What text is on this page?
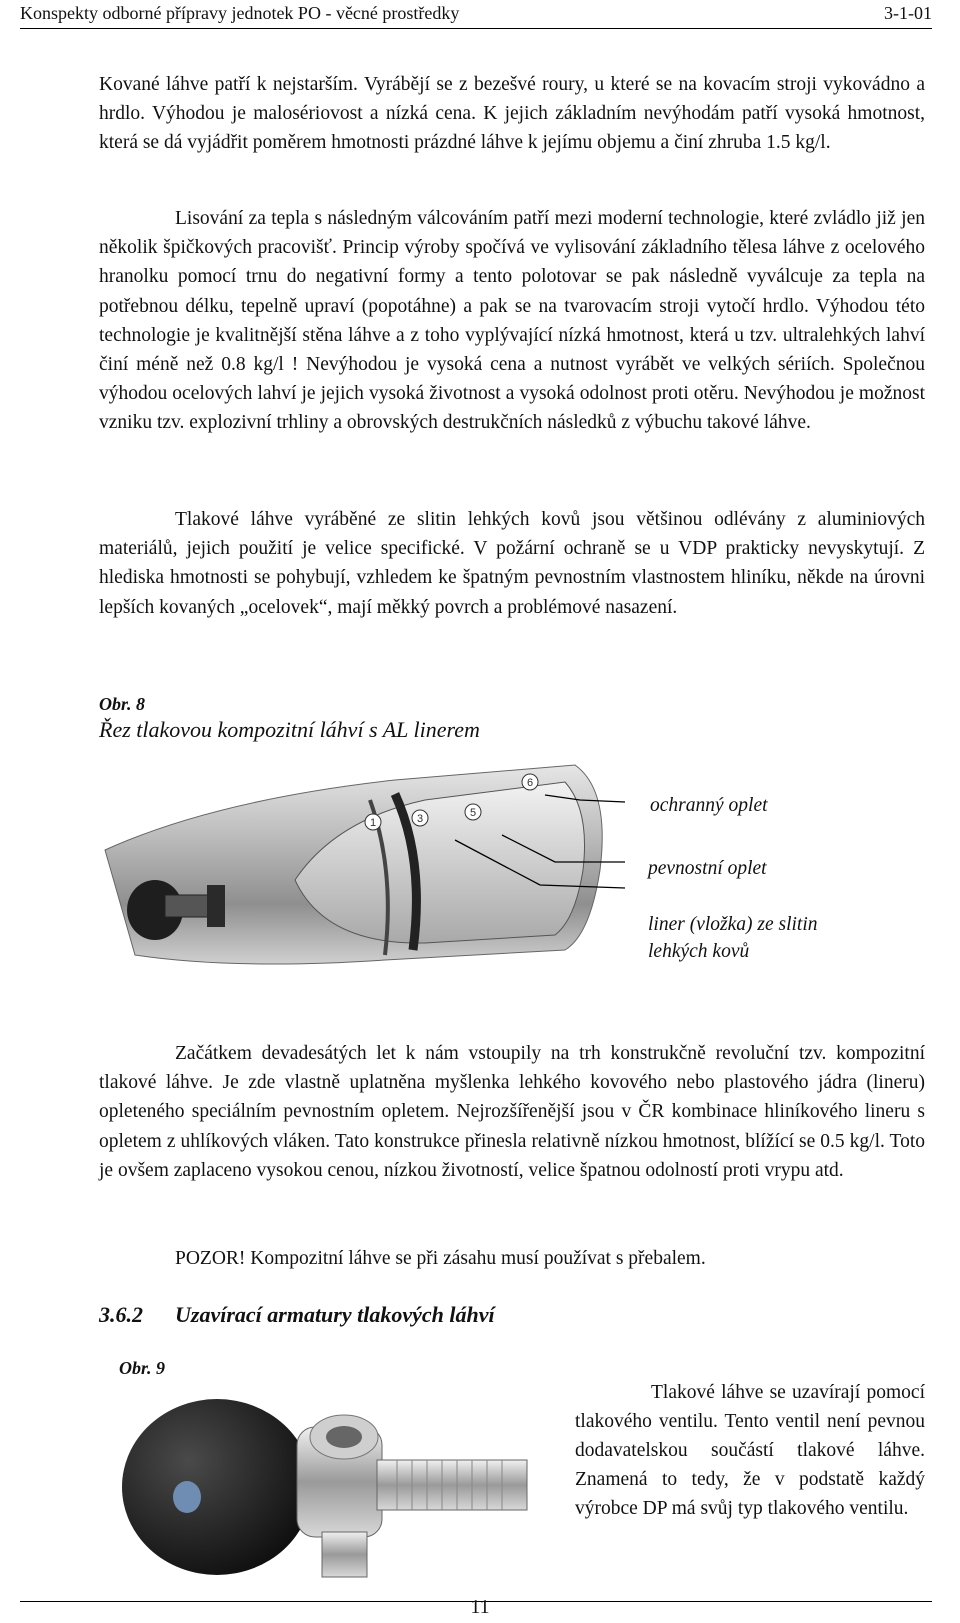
Konspekty odborné přípravy jednotek PO - věcné prostředky	3-1-01

Kované láhve patří k nejstarším. Vyrábějí se z bezešvé roury, u které se na kovacím stroji vykovádno a hrdlo. Výhodou je malosériovost a nízká cena. K jejich základním nevýhodám patří vysoká hmotnost, která se dá vyjádřit poměrem hmotnosti prázdné láhve k jejímu objemu a činí zhruba 1.5 kg/l.

Lisování za tepla s následným válcováním patří mezi moderní technologie, které zvládlo již jen několik špičkových pracovišť. Princip výroby spočívá ve vylisování základního tělesa láhve z ocelového hranolku pomocí trnu do negativní formy a tento polotovar se pak následně vyválcuje za tepla na potřebnou délku, tepelně upraví (popotáhne) a pak se na tvarovacím stroji vytočí hrdlo. Výhodou této technologie je kvalitnější stěna láhve a z toho vyplývající nízká hmotnost, která u tzv. ultralehkých lahví činí méně než 0.8 kg/l ! Nevýhodou je vysoká cena a nutnost vyrábět ve velkých sériích. Společnou výhodou ocelových lahví je jejich vysoká životnost a vysoká odolnost proti otěru. Nevýhodou je možnost vzniku tzv. explozivní trhliny a obrovských destrukčních následků z výbuchu takové láhve.

Tlakové láhve vyráběné ze slitin lehkých kovů jsou většinou odlévány z aluminiových materiálů, jejich použití je velice specifické. V požární ochraně se u VDP prakticky nevyskytují. Z hlediska hmotnosti se pohybují, vzhledem ke špatným pevnostním vlastnostem hliníku, někde na úrovni lepších kovaných „ocelovek“, mají měkký povrch a problémové nasazení.

Obr. 8
Řez tlakovou kompozitní láhví s AL linerem
1	3	5
6
ochranný oplet
pevnostní oplet
liner (vložka) ze slitin
lehkých kovů

Začátkem devadesátých let k nám vstoupily na trh konstrukčně revoluční tzv. kompozitní tlakové láhve. Je zde vlastně uplatněna myšlenka lehkého kovového nebo plastového jádra (lineru) opleteného speciálním pevnostním opletem. Nejrozšířenější jsou v ČR kombinace hliníkového lineru s opletem z uhlíkových vláken. Tato konstrukce přinesla relativně nízkou hmotnost, blížící se 0.5 kg/l. Toto je ovšem zaplaceno vysokou cenou, nízkou životností, velice špatnou odolností proti vrypu atd.

POZOR! Kompozitní láhve se při zásahu musí používat s přebalem.

3.6.2 Uzavírací armatury tlakových láhví
Obr. 9

Tlakové láhve se uzavírají pomocí tlakového ventilu. Tento ventil není pevnou dodavatelskou součástí tlakové láhve. Znamená to tedy, že v podstatě každý výrobce DP má svůj typ tlakového ventilu.

11
